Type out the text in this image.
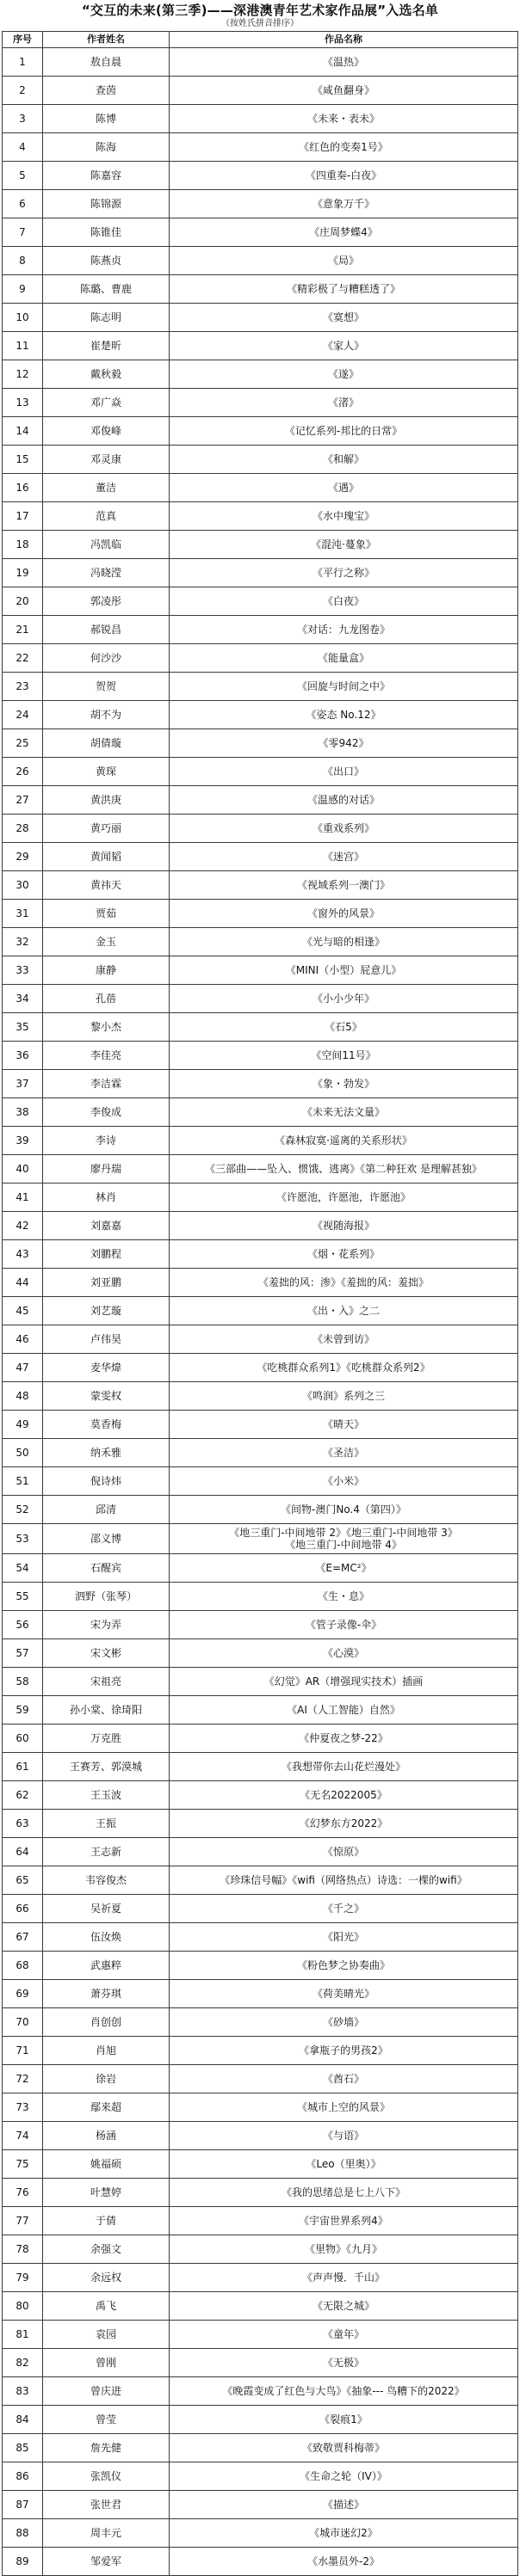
“交互的未来(第三季)——深港澳青年艺术家作品展”入选名单
（按姓氏拼音排序）
序号	作者姓名	作品名称
1	敖自晨	《温热》
2	查茵	《咸鱼翻身》
3	陈博	《未来・表未》
4	陈海	《红色的变奏1号》
5	陈嘉容	《四重奏-白夜》
6	陈锦源	《意象万千》
7	陈锥佳	《庄周梦蝶4》
8	陈燕贞	《局》
9	陈璐、曹鹿	《精彩极了与糟糕透了》
10	陈志明	《寞想》
11	崔楚昕	《家人》
12	戴秋毅	《遂》
13	邓广焱	《渚》
14	邓俊峰	《记忆系列-邦比的日常》
15	邓灵康	《和解》
16	董洁	《遇》
17	范真	《水中瑰宝》
18	冯凯临	《混沌·蔓象》
19	冯晓滢	《平行之称》
20	郭凌彤	《白夜》
21	郝锐昌	《对话：九龙图卷》
22	何沙沙	《能量盒》
23	贺贺	《回旋与时间之中》
24	胡不为	《姿态 No.12》
25	胡倩璇	《零942》
26	黄琛	《出口》
27	黄洪庚	《温感的对话》
28	黄巧丽	《重戏系列》
29	黄闻韬	《迷宫》
30	黄祎天	《视域系列一澳门》
31	贾茹	《窗外的风景》
32	金玉	《光与暗的相逢》
33	康静	《MINI（小型）屁意儿》
34	孔蓓	《小小少年》
35	黎小杰	《石5》
36	李佳亮	《空间11号》
37	李洁霖	《象・勃发》
38	李俊成	《未来无法文量》
39	李诗	《森林寂寞·遥离的关系形状》
40	廖丹瑞	《三部曲——坠入、惯饿、逃离》《第二种狂欢 是理解甚独》
41	林肖	《许愿池，许愿池，许愿池》
42	刘嘉嘉	《视随海报》
43	刘鹏程	《烟・花系列》
44	刘亚鹏	《羞拙的风：渗》《羞拙的风：羞拙》
45	刘艺璇	《出・入》之二
46	卢伟昊	《未曾到访》
47	麦华煒	《吃桃群众系列1》《吃桃群众系列2》
48	蒙雯权	《鸣润》系列之三
49	莫香梅	《晴天》
50	纳禾雅	《圣洁》
51	倪诗炜	《小米》
52	邱清	《间物-澳门No.4（第四）》
53	邵义博	《地三重门-中间地带 2》《地三重门-中间地带 3》
《地三重门-中间地带 4》
54	石醒宾	《E=MC²》
55	泗野（张琴）	《生・息》
56	宋为弄	《管子录像-伞》
57	宋文彬	《心漠》
58	宋祖亮	《幻觉》AR（增强现实技术）插画
59	孙小棠、徐琦阳	《AI（人工智能）自然》
60	万克胜	《仲夏夜之梦-22》
61	王赛芳、郭漠城	《我想带你去山花烂漫处》
62	王玉波	《无名2022005》
63	王振	《幻梦东方2022》
64	王志新	《惊原》
65	韦容俊杰	《珍珠信号幅》《wifi（网络热点）诗选：一棵的wifi》
66	吴祈夏	《千之》
67	伍汝焕	《阳光》
68	武惠粹	《粉色梦之协奏曲》
69	萧芬琪	《荷美晴光》
70	肖创创	《砂墙》
71	肖旭	《拿瓶子的男孩2》
72	徐岩	《酋石》
73	鄢来超	《城市上空的风景》
74	杨涵	《与语》
75	姚福硕	《Leo（里奥）》
76	叶慧婷	《我的思绪总是七上八下》
77	于倩	《宇宙世界系列4》
78	余强文	《里物》《九月》
79	余远权	《声声慢．千山》
80	禹飞	《无限之城》
81	袁园	《童年》
82	曾刚	《无极》
83	曾庆进	《晚霞变成了红色与大鸟》《抽象--- 鸟糟下的2022》
84	曾莹	《裂痕1》
85	詹先健	《致敬贾科梅蒂》
86	张凯仪	《生命之轮（IV）》
87	张世君	《描述》
88	周丰元	《城市迷幻2》
89	邹爱军	《水墨员外-2》
